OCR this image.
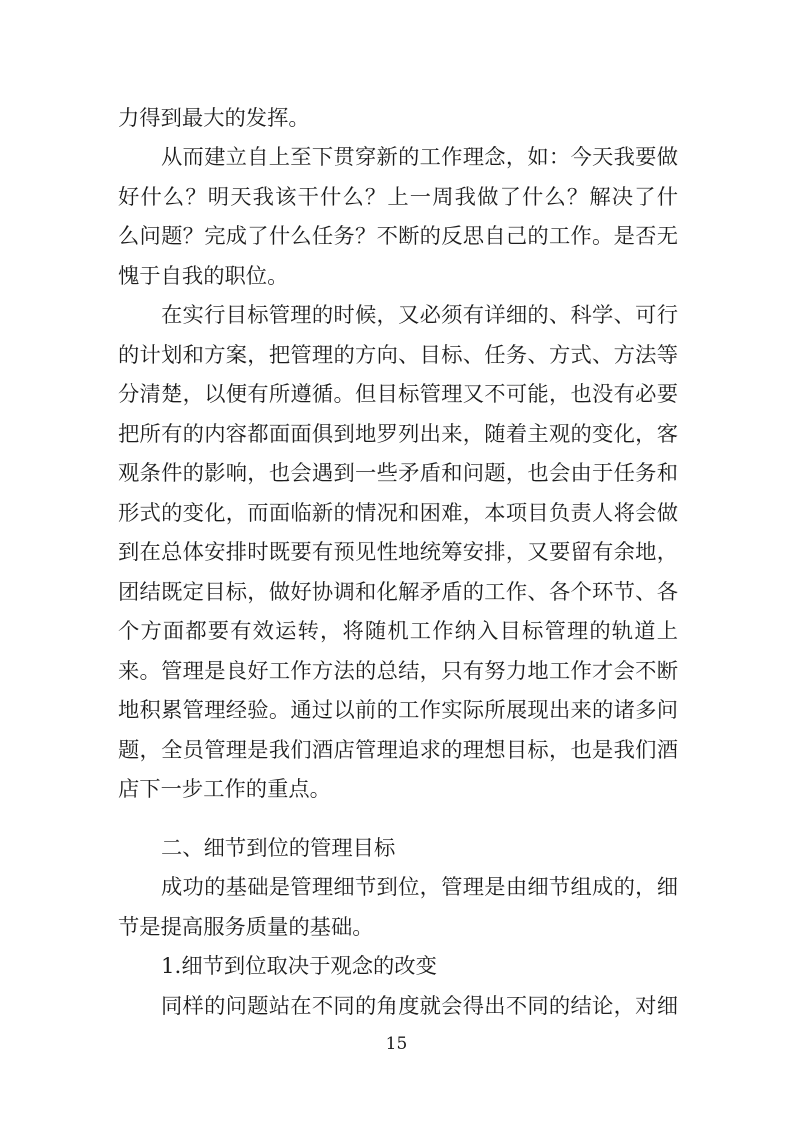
力得到最大的发挥。
从而建立自上至下贯穿新的工作理念，如：今天我要做
好什么？明天我该干什么？上一周我做了什么？解决了什
么问题？完成了什么任务？不断的反思自己的工作。是否无
愧于自我的职位。
在实行目标管理的时候，又必须有详细的、科学、可行
的计划和方案，把管理的方向、目标、任务、方式、方法等
分清楚，以便有所遵循。但目标管理又不可能，也没有必要
把所有的内容都面面俱到地罗列出来，随着主观的变化，客
观条件的影响，也会遇到一些矛盾和问题，也会由于任务和
形式的变化，而面临新的情况和困难，本项目负责人将会做
到在总体安排时既要有预见性地统筹安排，又要留有余地，
团结既定目标，做好协调和化解矛盾的工作、各个环节、各
个方面都要有效运转，将随机工作纳入目标管理的轨道上
来。管理是良好工作方法的总结，只有努力地工作才会不断
地积累管理经验。通过以前的工作实际所展现出来的诸多问
题，全员管理是我们酒店管理追求的理想目标，也是我们酒
店下一步工作的重点。
二、细节到位的管理目标
成功的基础是管理细节到位，管理是由细节组成的，细
节是提高服务质量的基础。
1.细节到位取决于观念的改变
同样的问题站在不同的角度就会得出不同的结论，对细
15
